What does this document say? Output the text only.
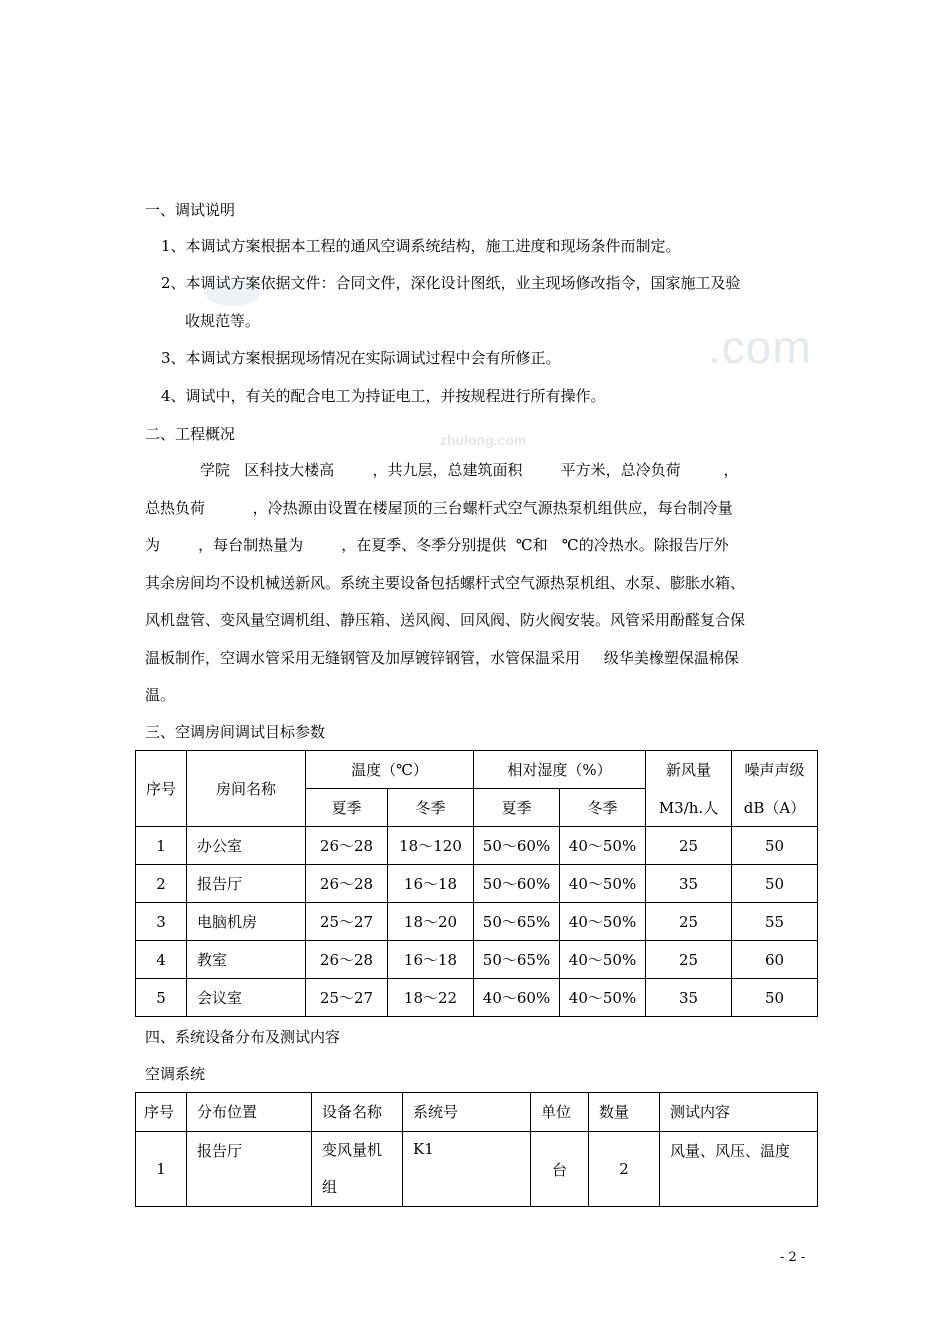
.com
zhulong.com
一、调试说明
1、本调试方案根据本工程的通风空调系统结构，施工进度和现场条件而制定。
2、本调试方案依据文件：合同文件，深化设计图纸，业主现场修改指令，国家施工及验
收规范等。
3、本调试方案根据现场情况在实际调试过程中会有所修正。
4、调试中，有关的配合电工为持证电工，并按规程进行所有操作。
二、工程概况
学院   区科技大楼高        ，共九层，总建筑面积        平方米，总冷负荷         ，
总热负荷          ，冷热源由设置在楼屋顶的三台螺杆式空气源热泵机组供应，每台制冷量
为        ，每台制热量为        ，在夏季、冬季分别提供  ℃和   ℃的冷热水。除报告厅外
其余房间均不设机械送新风。系统主要设备包括螺杆式空气源热泵机组、水泵、膨胀水箱、
风机盘管、变风量空调机组、静压箱、送风阀、回风阀、防火阀安装。风管采用酚醛复合保
温板制作，空调水管采用无缝钢管及加厚镀锌钢管，水管保温采用     级华美橡塑保温棉保
温。
三、空调房间调试目标参数
序号	房间名称	温度（℃）		相对湿度（%）		新风量	噪声声级
		夏季	冬季	夏季	冬季	M3/h.人	dB（A）
1	办公室	26～28	18～120	50～60%	40～50%	25	50
2	报告厅	26～28	16～18	50～60%	40～50%	35	50
3	电脑机房	25～27	18～20	50～65%	40～50%	25	55
4	教室	26～28	16～18	50～65%	40～50%	25	60
5	会议室	25～27	18～22	40～60%	40～50%	35	50
四、系统设备分布及测试内容
空调系统
序号	分布位置	设备名称	系统号	单位	数量	测试内容
1	报告厅	变风量机
组	K1	台	2	风量、风压、温度
- 2 -
